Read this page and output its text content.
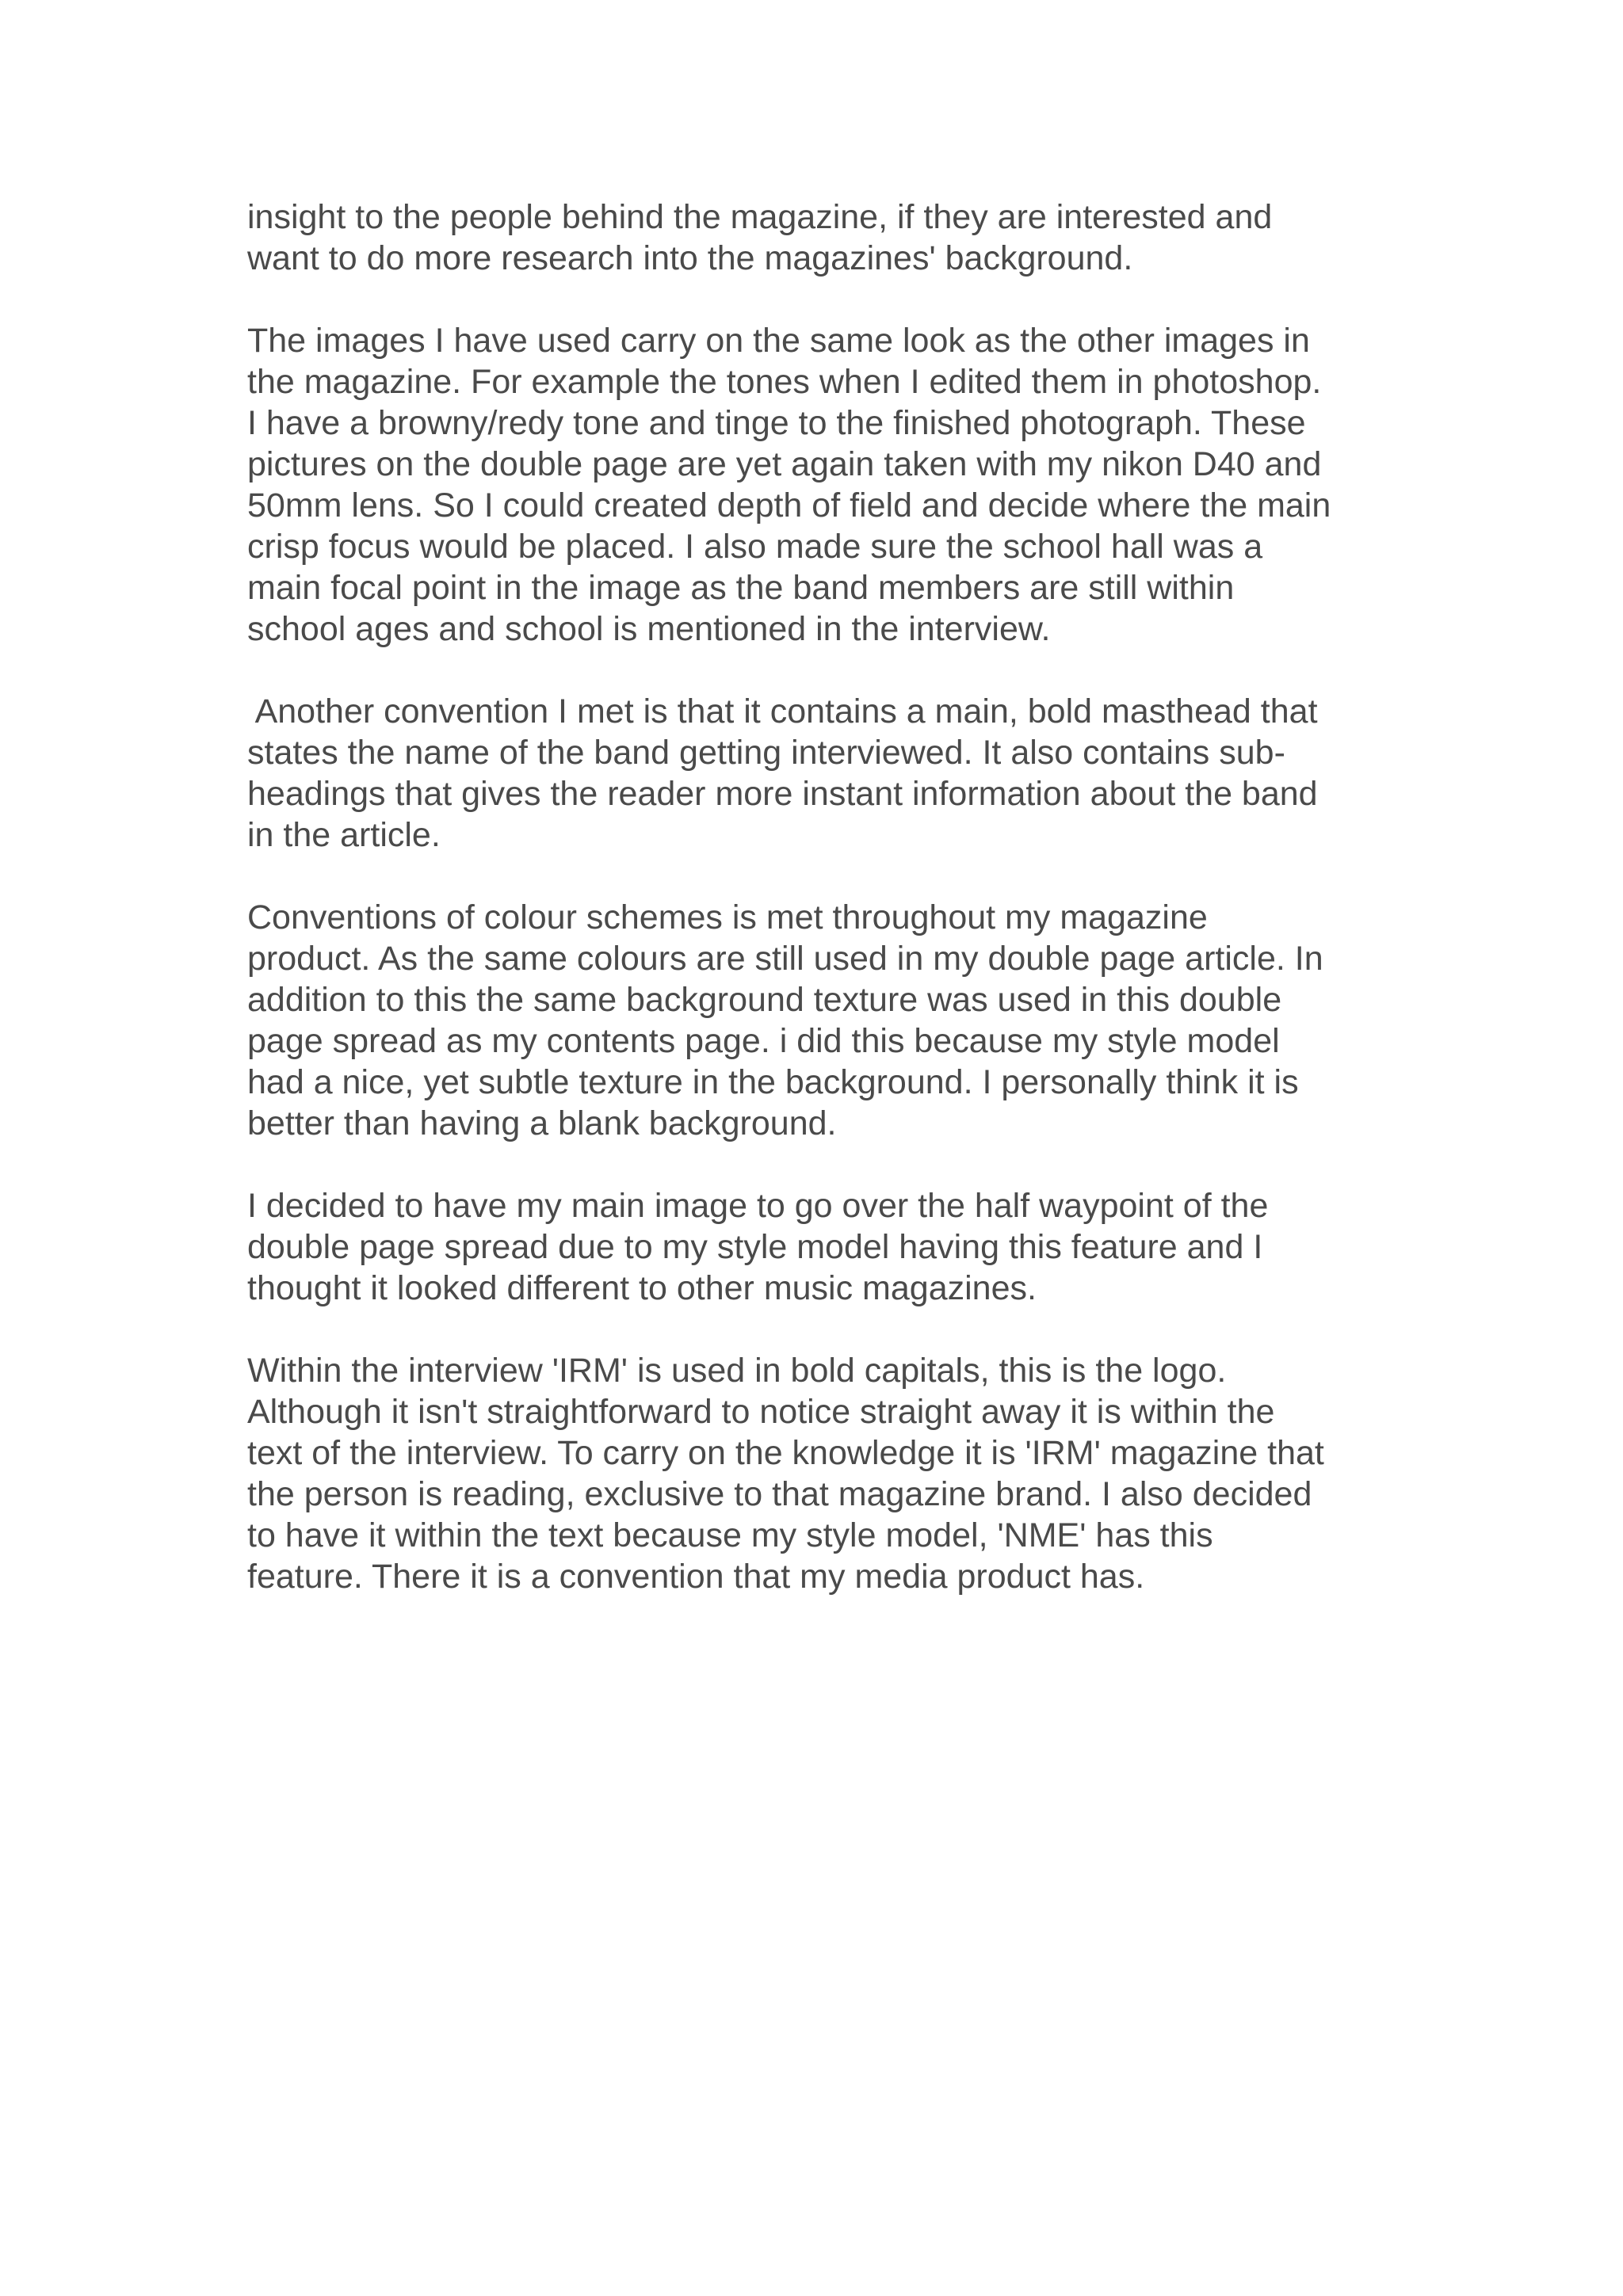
insight to the people behind the magazine, if they are interested and
want to do more research into the magazines' background.
The images I have used carry on the same look as the other images in
the magazine. For example the tones when I edited them in photoshop.
I have a browny/redy tone and tinge to the finished photograph. These
pictures on the double page are yet again taken with my nikon D40 and
50mm lens. So I could created depth of field and decide where the main
crisp focus would be placed. I also made sure the school hall was a
main focal point in the image as the band members are still within
school ages and school is mentioned in the interview.
Another convention I met is that it contains a main, bold masthead that
states the name of the band getting interviewed. It also contains sub-
headings that gives the reader more instant information about the band
in the article.
Conventions of colour schemes is met throughout my magazine
product. As the same colours are still used in my double page article. In
addition to this the same background texture was used in this double
page spread as my contents page. i did this because my style model
had a nice, yet subtle texture in the background. I personally think it is
better than having a blank background.
I decided to have my main image to go over the half waypoint of the
double page spread due to my style model having this feature and I
thought it looked different to other music magazines.
Within the interview 'IRM' is used in bold capitals, this is the logo.
Although it isn't straightforward to notice straight away it is within the
text of the interview. To carry on the knowledge it is 'IRM' magazine that
the person is reading, exclusive to that magazine brand. I also decided
to have it within the text because my style model, 'NME' has this
feature. There it is a convention that my media product has.
